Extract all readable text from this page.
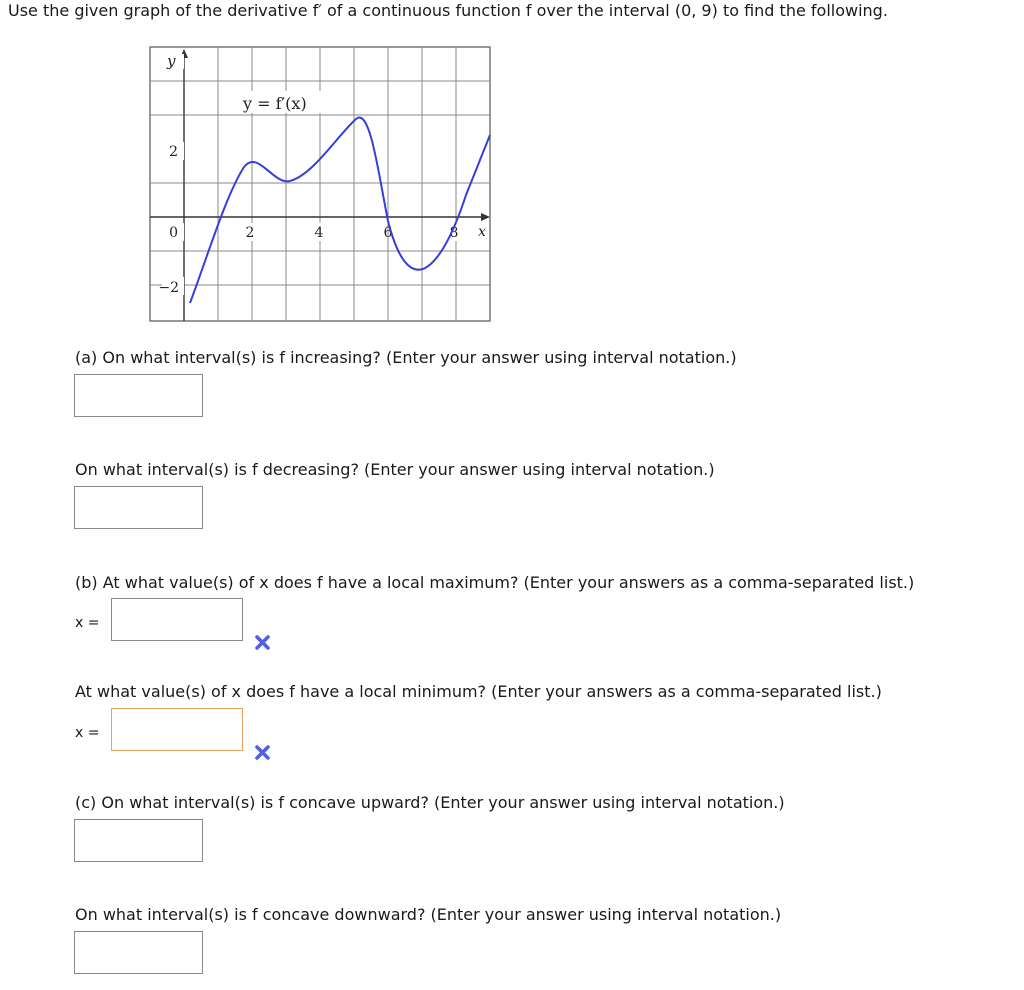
Use the given graph of the derivative f′ of a continuous function f over the interval (0, 9) to find the following.
y
x
y = f′(x)
2
0
−2
2	4	6	8
(a) On what interval(s) is f increasing? (Enter your answer using interval notation.)
On what interval(s) is f decreasing? (Enter your answer using interval notation.)
(b) At what value(s) of x does f have a local maximum? (Enter your answers as a comma-separated list.)
x =
At what value(s) of x does f have a local minimum? (Enter your answers as a comma-separated list.)
x =
(c) On what interval(s) is f concave upward? (Enter your answer using interval notation.)
On what interval(s) is f concave downward? (Enter your answer using interval notation.)
